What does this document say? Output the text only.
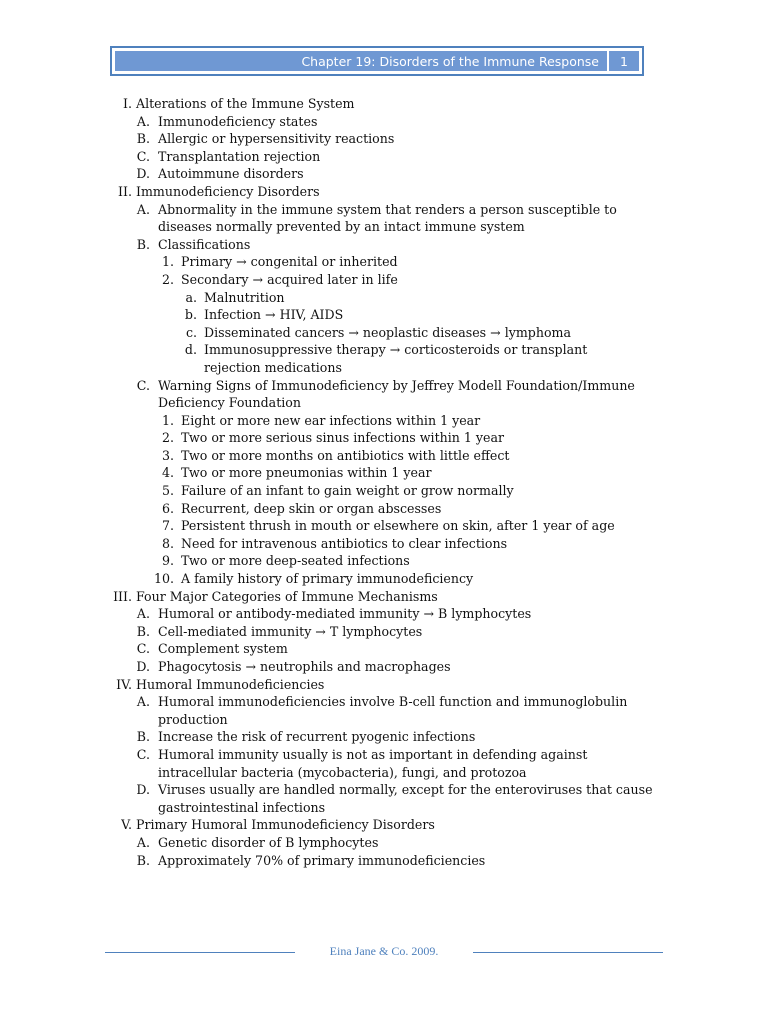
Chapter 19: Disorders of the Immune Response	1
I. Alterations of the Immune System
A. Immunodeficiency states
B. Allergic or hypersensitivity reactions
C. Transplantation rejection
D. Autoimmune disorders
II. Immunodeficiency Disorders
A. Abnormality in the immune system that renders a person susceptible to
diseases normally prevented by an intact immune system
B. Classifications
1. Primary → congenital or inherited
2. Secondary → acquired later in life
a. Malnutrition
b. Infection → HIV, AIDS
c. Disseminated cancers → neoplastic diseases → lymphoma
d. Immunosuppressive therapy → corticosteroids or transplant
rejection medications
C. Warning Signs of Immunodeficiency by Jeffrey Modell Foundation/Immune
Deficiency Foundation
1. Eight or more new ear infections within 1 year
2. Two or more serious sinus infections within 1 year
3. Two or more months on antibiotics with little effect
4. Two or more pneumonias within 1 year
5. Failure of an infant to gain weight or grow normally
6. Recurrent, deep skin or organ abscesses
7. Persistent thrush in mouth or elsewhere on skin, after 1 year of age
8. Need for intravenous antibiotics to clear infections
9. Two or more deep-seated infections
10. A family history of primary immunodeficiency
III. Four Major Categories of Immune Mechanisms
A. Humoral or antibody-mediated immunity → B lymphocytes
B. Cell-mediated immunity → T lymphocytes
C. Complement system
D. Phagocytosis → neutrophils and macrophages
IV. Humoral Immunodeficiencies
A. Humoral immunodeficiencies involve B-cell function and immunoglobulin
production
B. Increase the risk of recurrent pyogenic infections
C. Humoral immunity usually is not as important in defending against
intracellular bacteria (mycobacteria), fungi, and protozoa
D. Viruses usually are handled normally, except for the enteroviruses that cause
gastrointestinal infections
V. Primary Humoral Immunodeficiency Disorders
A. Genetic disorder of B lymphocytes
B. Approximately 70% of primary immunodeficiencies
Eina Jane & Co. 2009.
